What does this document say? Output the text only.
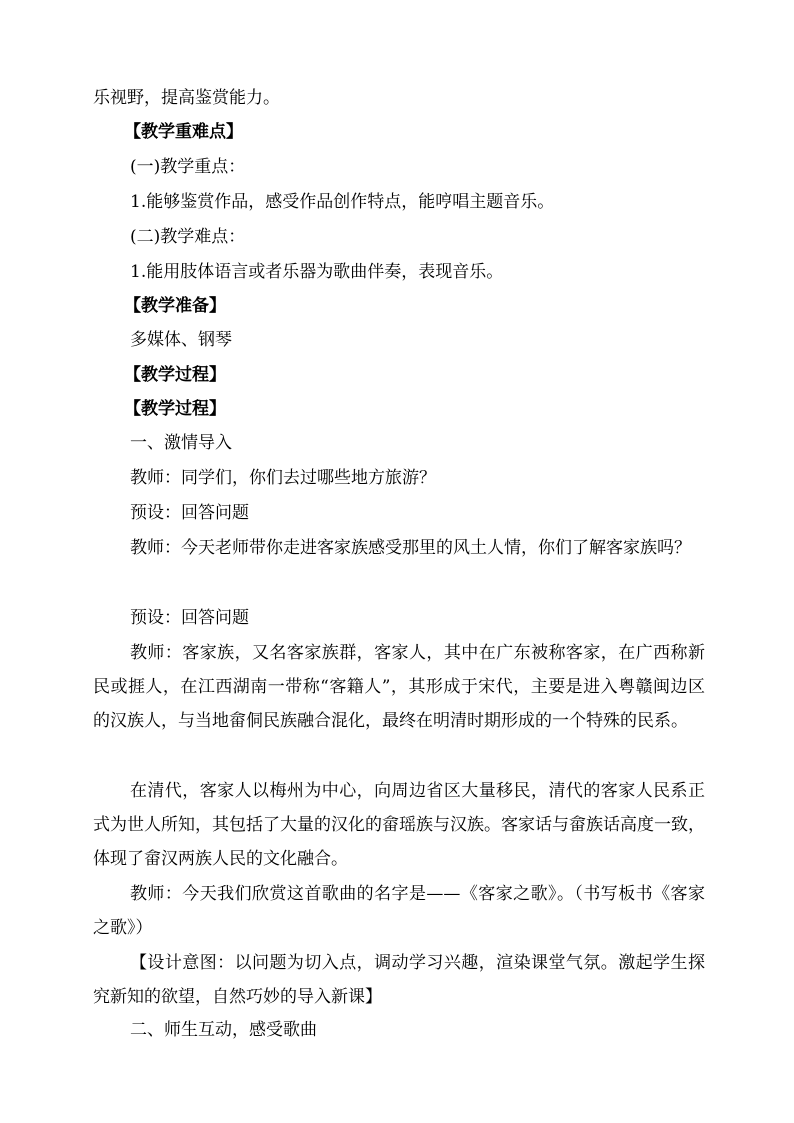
乐视野，提高鉴赏能力。
【教学重难点】
(一)教学重点：
1.能够鉴赏作品，感受作品创作特点，能哼唱主题音乐。
(二)教学难点：
1.能用肢体语言或者乐器为歌曲伴奏，表现音乐。
【教学准备】
多媒体、钢琴
【教学过程】
【教学过程】
一、激情导入
教师：同学们，你们去过哪些地方旅游？
预设：回答问题
教师：今天老师带你走进客家族感受那里的风土人情，你们了解客家族吗？
预设：回答问题
教师：客家族，又名客家族群，客家人，其中在广东被称客家，在广西称新民或捱人，在江西湖南一带称“客籍人”，其形成于宋代，主要是进入粤赣闽边区的汉族人，与当地畲侗民族融合混化，最终在明清时期形成的一个特殊的民系。
在清代，客家人以梅州为中心，向周边省区大量移民，清代的客家人民系正式为世人所知，其包括了大量的汉化的畲瑶族与汉族。客家话与畲族话高度一致，体现了畲汉两族人民的文化融合。
教师：今天我们欣赏这首歌曲的名字是——《客家之歌》。（书写板书《客家之歌》）
【设计意图：以问题为切入点，调动学习兴趣，渲染课堂气氛。激起学生探究新知的欲望，自然巧妙的导入新课】
二、师生互动，感受歌曲
